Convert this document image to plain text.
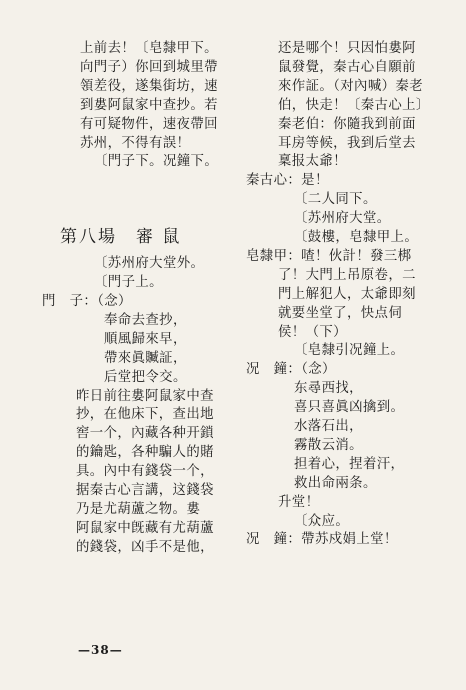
上前去！〔皂隸甲下。
向門子）你回到城里帶
領差役，遂集街坊，速
到婁阿鼠家中查抄。若
有可疑物件，速夜帶回
苏州，不得有誤！
〔門子下。况鐘下。
第八場　審 鼠
〔苏州府大堂外。
〔門子上。
門　子：（念）
奉命去查抄，
順風歸來早，
帶來眞贓証，
后堂把令交。
昨日前往婁阿鼠家中查
抄，在他床下，查出地
窖一个，內藏各种开鎖
的鑰匙，各种騙人的賭
具。內中有錢袋一个，
据秦古心言講，这錢袋
乃是尤葫蘆之物。婁
阿鼠家中旣藏有尤葫蘆
的錢袋，凶手不是他，
还是哪个！只因怕婁阿
鼠發覺，秦古心自願前
來作証。（对內喊）秦老
伯，快走！〔秦古心上〕
秦老伯：你隨我到前面
耳房等候，我到后堂去
稟报太爺！
秦古心：是！
〔二人同下。
〔苏州府大堂。
〔鼓樓，皂隸甲上。
皂隸甲：喳！伙計！發三梆
了！大門上吊原卷，二
門上解犯人，太爺即刻
就要坐堂了，快点伺
侯！（下）
〔皂隸引况鐘上。
况　鐘：（念）
东尋西找，
喜只喜眞凶擒到。
水落石出，
霧散云消。
担着心，捏着汗，
救出命兩条。
升堂！
〔众应。
况　鐘：帶苏戍娟上堂！
—38—
